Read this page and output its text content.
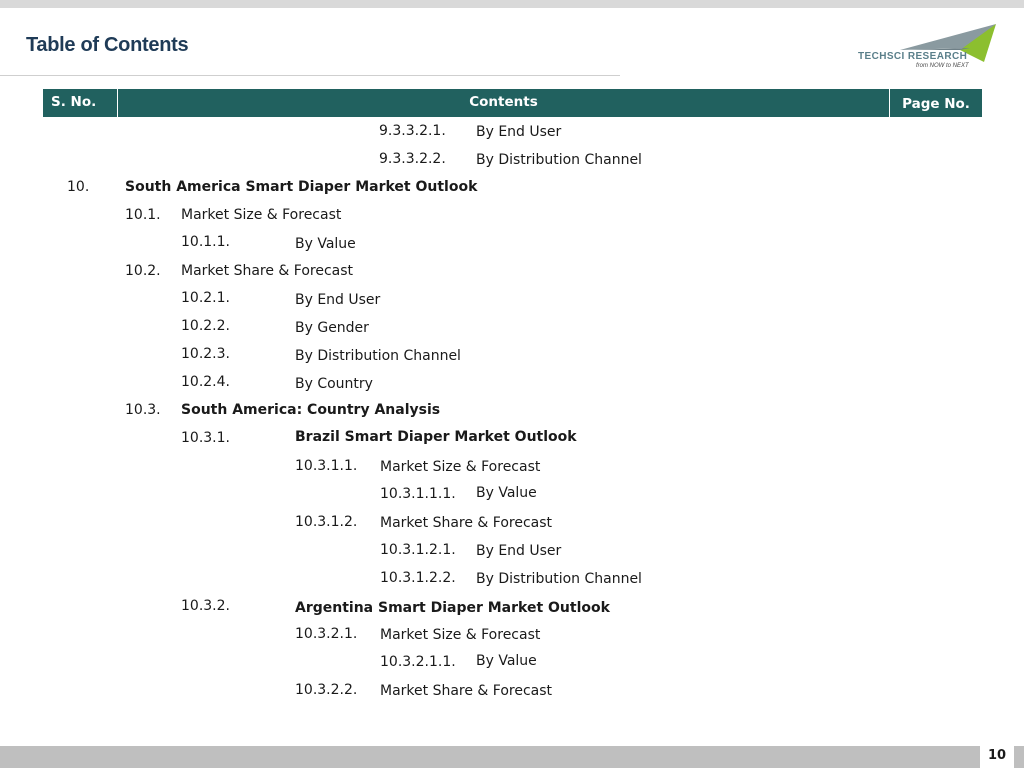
Table of Contents
TECHSCI RESEARCH
from NOW to NEXT
S. No.	Contents	Page No.
9.3.3.2.1. By End User
9.3.3.2.2. By Distribution Channel
10.	South America Smart Diaper Market Outlook
10.1. Market Size & Forecast
10.1.1.	By Value
10.2. Market Share & Forecast
10.2.1.	By End User
10.2.2.	By Gender
10.2.3.	By Distribution Channel
10.2.4.	By Country
10.3. South America: Country Analysis
10.3.1.	Brazil Smart Diaper Market Outlook
10.3.1.1. Market Size & Forecast
10.3.1.1.1. By Value
10.3.1.2. Market Share & Forecast
10.3.1.2.1. By End User
10.3.1.2.2. By Distribution Channel
10.3.2.	Argentina Smart Diaper Market Outlook
10.3.2.1. Market Size & Forecast
10.3.2.1.1. By Value
10.3.2.2. Market Share & Forecast
10
